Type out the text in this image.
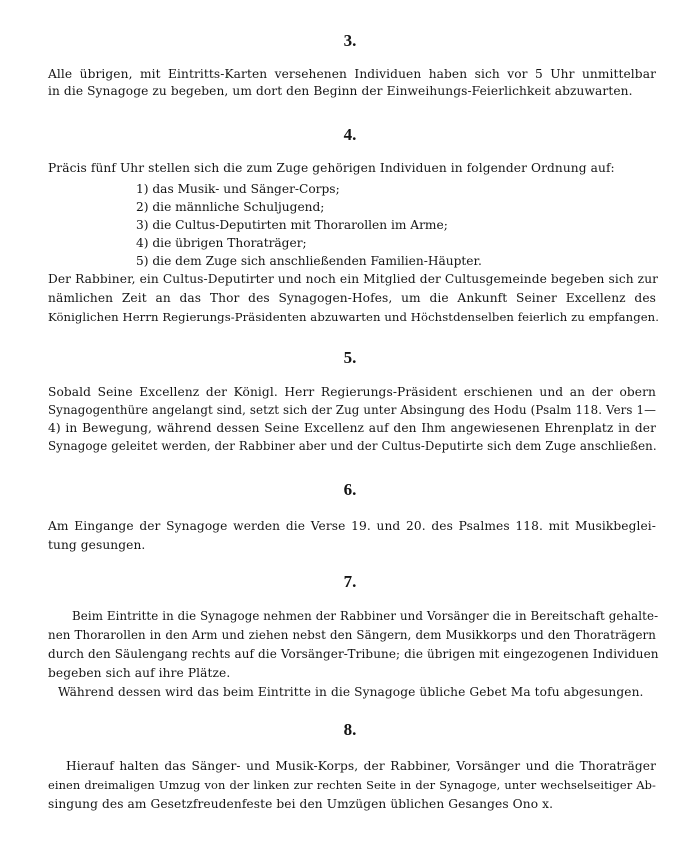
3.
Alle übrigen, mit Eintritts-Karten versehenen Individuen haben sich vor 5 Uhr unmittelbar
in die Synagoge zu begeben, um dort den Beginn der Einweihungs-Feierlichkeit abzuwarten.
4.
Präcis fünf Uhr stellen sich die zum Zuge gehörigen Individuen in folgender Ordnung auf:
1) das Musik- und Sänger-Corps;
2) die männliche Schuljugend;
3) die Cultus-Deputirten mit Thorarollen im Arme;
4) die übrigen Thoraträger;
5) die dem Zuge sich anschließenden Familien-Häupter.
Der Rabbiner, ein Cultus-Deputirter und noch ein Mitglied der Cultusgemeinde begeben sich zur
nämlichen Zeit an das Thor des Synagogen-Hofes, um die Ankunft Seiner Excellenz des
Königlichen Herrn Regierungs-Präsidenten abzuwarten und Höchstdenselben feierlich zu empfangen.
5.
Sobald Seine Excellenz der Königl. Herr Regierungs-Präsident erschienen und an der obern
Synagogenthüre angelangt sind, setzt sich der Zug unter Absingung des Hodu (Psalm 118. Vers 1—
4) in Bewegung, während dessen Seine Excellenz auf den Ihm angewiesenen Ehrenplatz in der
Synagoge geleitet werden, der Rabbiner aber und der Cultus-Deputirte sich dem Zuge anschließen.
6.
Am Eingange der Synagoge werden die Verse 19. und 20. des Psalmes 118. mit Musikbeglei-
tung gesungen.
7.
Beim Eintritte in die Synagoge nehmen der Rabbiner und Vorsänger die in Bereitschaft gehalte-
nen Thorarollen in den Arm und ziehen nebst den Sängern, dem Musikkorps und den Thoraträgern
durch den Säulengang rechts auf die Vorsänger-Tribune; die übrigen mit eingezogenen Individuen
begeben sich auf ihre Plätze.
Während dessen wird das beim Eintritte in die Synagoge übliche Gebet Ma tofu abgesungen.
8.
Hierauf halten das Sänger- und Musik-Korps, der Rabbiner, Vorsänger und die Thoraträger
einen dreimaligen Umzug von der linken zur rechten Seite in der Synagoge, unter wechselseitiger Ab-
singung des am Gesetzfreudenfeste bei den Umzügen üblichen Gesanges Ono x.
